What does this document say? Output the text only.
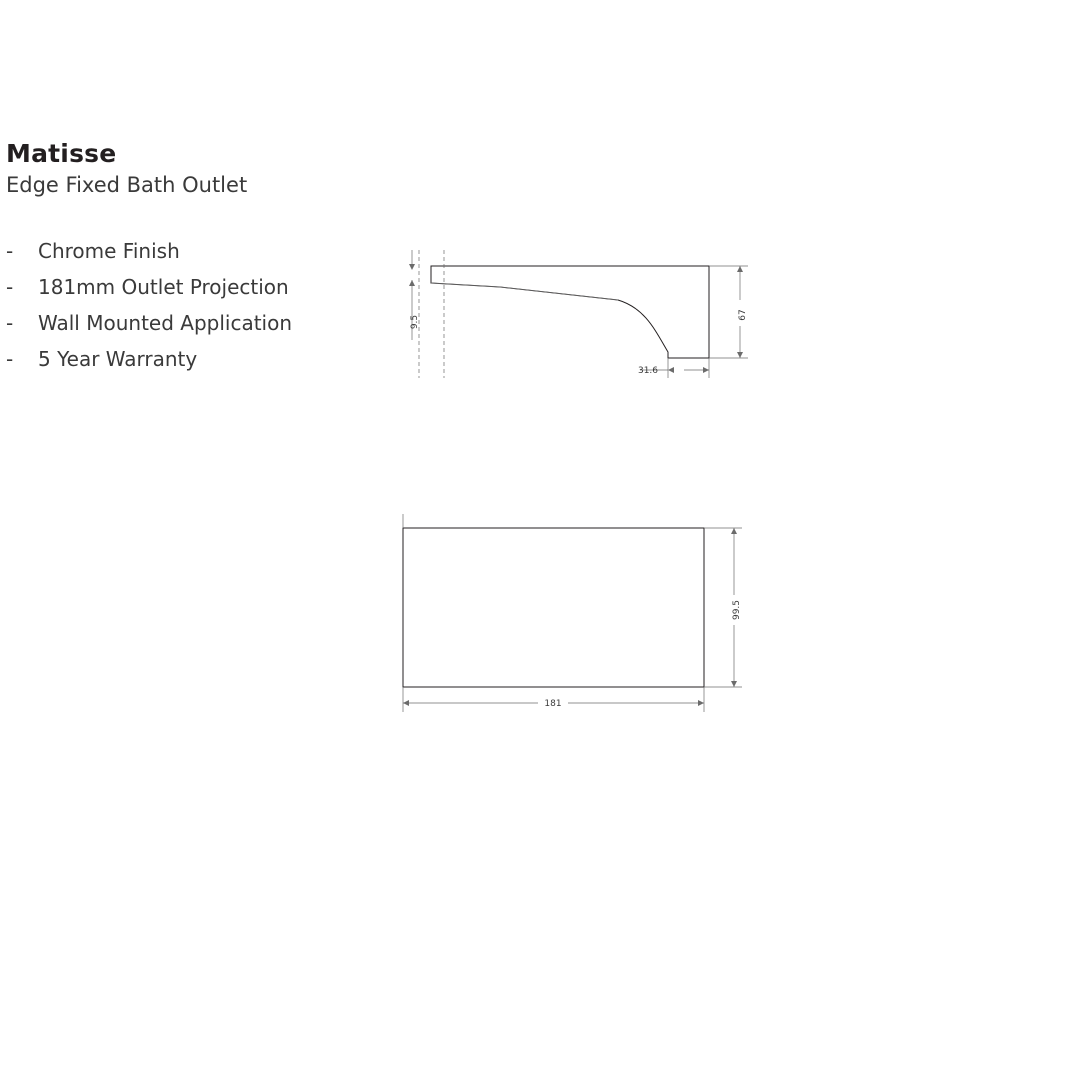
Matisse

Edge Fixed Bath Outlet

-	Chrome Finish
-	181mm Outlet Projection
-	Wall Mounted Application
-	5 Year Warranty
9.5	67
31.6
99.5
181
